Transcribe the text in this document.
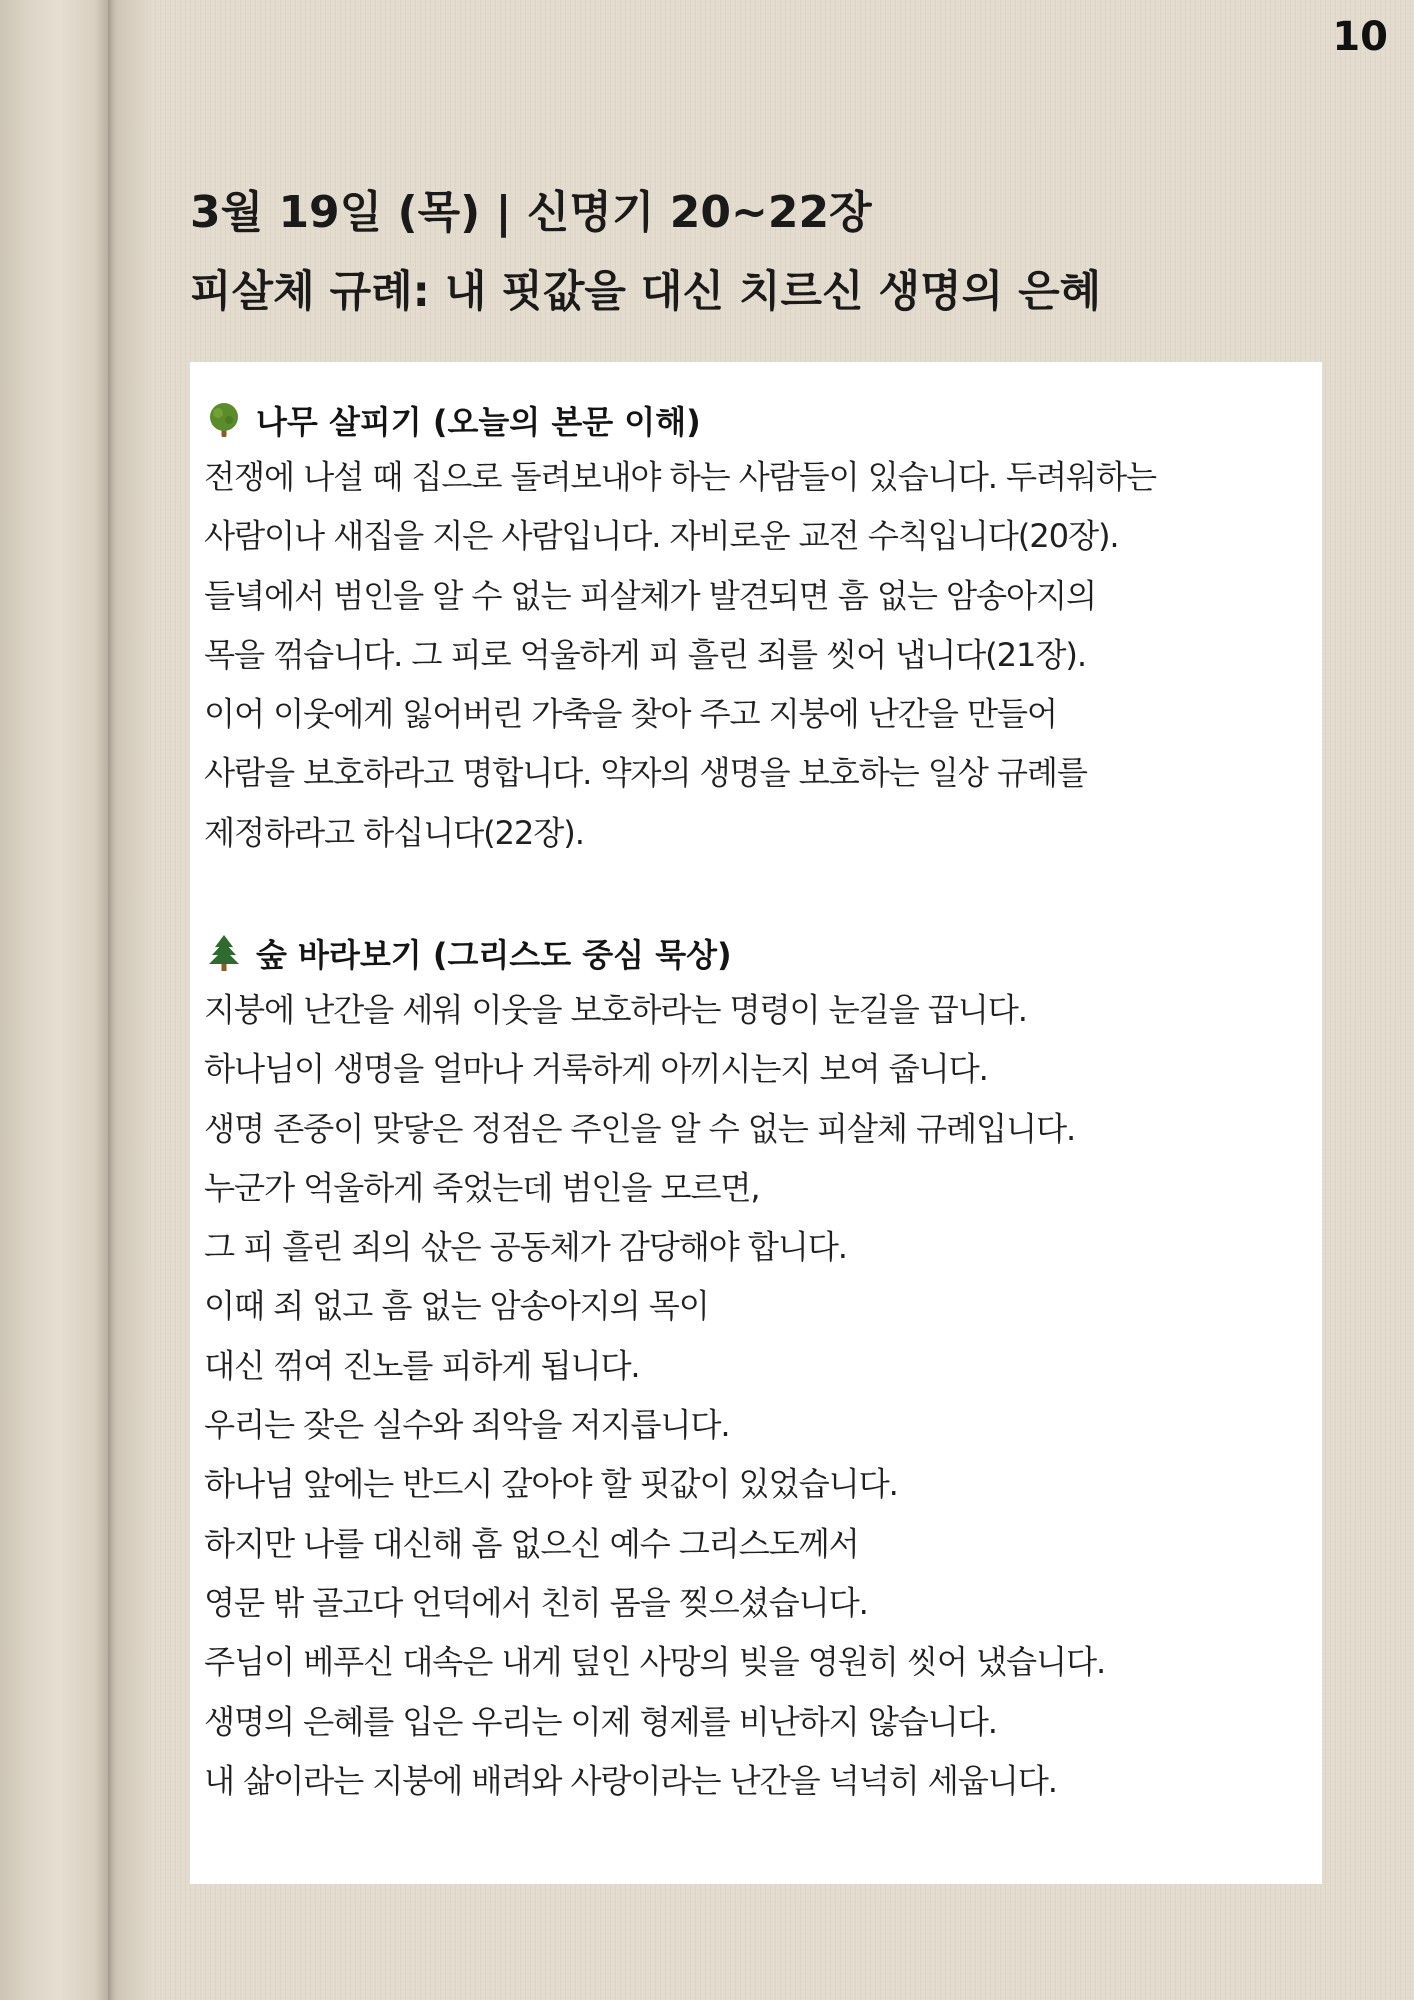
10
3월 19일 (목) | 신명기 20~22장
피살체 규례: 내 핏값을 대신 치르신 생명의 은혜
나무 살피기 (오늘의 본문 이해)
전쟁에 나설 때 집으로 돌려보내야 하는 사람들이 있습니다. 두려워하는
사람이나 새집을 지은 사람입니다. 자비로운 교전 수칙입니다(20장).
들녘에서 범인을 알 수 없는 피살체가 발견되면 흠 없는 암송아지의
목을 꺾습니다. 그 피로 억울하게 피 흘린 죄를 씻어 냅니다(21장).
이어 이웃에게 잃어버린 가축을 찾아 주고 지붕에 난간을 만들어
사람을 보호하라고 명합니다. 약자의 생명을 보호하는 일상 규례를
제정하라고 하십니다(22장).
숲 바라보기 (그리스도 중심 묵상)
지붕에 난간을 세워 이웃을 보호하라는 명령이 눈길을 끕니다.
하나님이 생명을 얼마나 거룩하게 아끼시는지 보여 줍니다.
생명 존중이 맞닿은 정점은 주인을 알 수 없는 피살체 규례입니다.
누군가 억울하게 죽었는데 범인을 모르면,
그 피 흘린 죄의 삯은 공동체가 감당해야 합니다.
이때 죄 없고 흠 없는 암송아지의 목이
대신 꺾여 진노를 피하게 됩니다.
우리는 잦은 실수와 죄악을 저지릅니다.
하나님 앞에는 반드시 갚아야 할 핏값이 있었습니다.
하지만 나를 대신해 흠 없으신 예수 그리스도께서
영문 밖 골고다 언덕에서 친히 몸을 찢으셨습니다.
주님이 베푸신 대속은 내게 덮인 사망의 빚을 영원히 씻어 냈습니다.
생명의 은혜를 입은 우리는 이제 형제를 비난하지 않습니다.
내 삶이라는 지붕에 배려와 사랑이라는 난간을 넉넉히 세웁니다.
